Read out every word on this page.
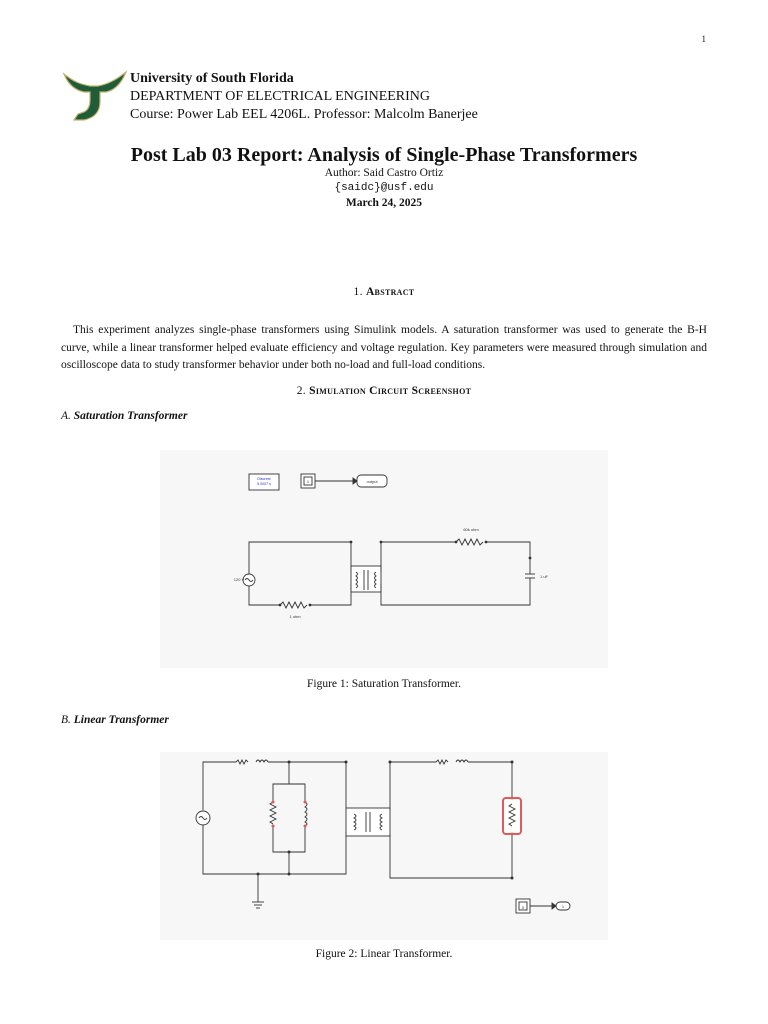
1
University of South Florida
DEPARTMENT OF ELECTRICAL ENGINEERING
Course: Power Lab EEL 4206L. Professor: Malcolm Banerjee
Post Lab 03 Report: Analysis of Single-Phase Transformers
Author: Said Castro Ortiz
{saidc}@usf.edu
March 24, 2025
1. Abstract
This experiment analyzes single-phase transformers using Simulink models. A saturation transformer was used to generate the B-H curve, while a linear transformer helped evaluate efficiency and voltage regulation. Key parameters were measured through simulation and oscilloscope data to study transformer behavior under both no-load and full-load conditions.
2. Simulation Circuit Screenshot
A. Saturation Transformer
Discrete
5.0007 s	1	output
120 V
1 ohm
60k ohm
1 uF
Figure 1: Saturation Transformer.
B. Linear Transformer
0	1
Figure 2: Linear Transformer.
